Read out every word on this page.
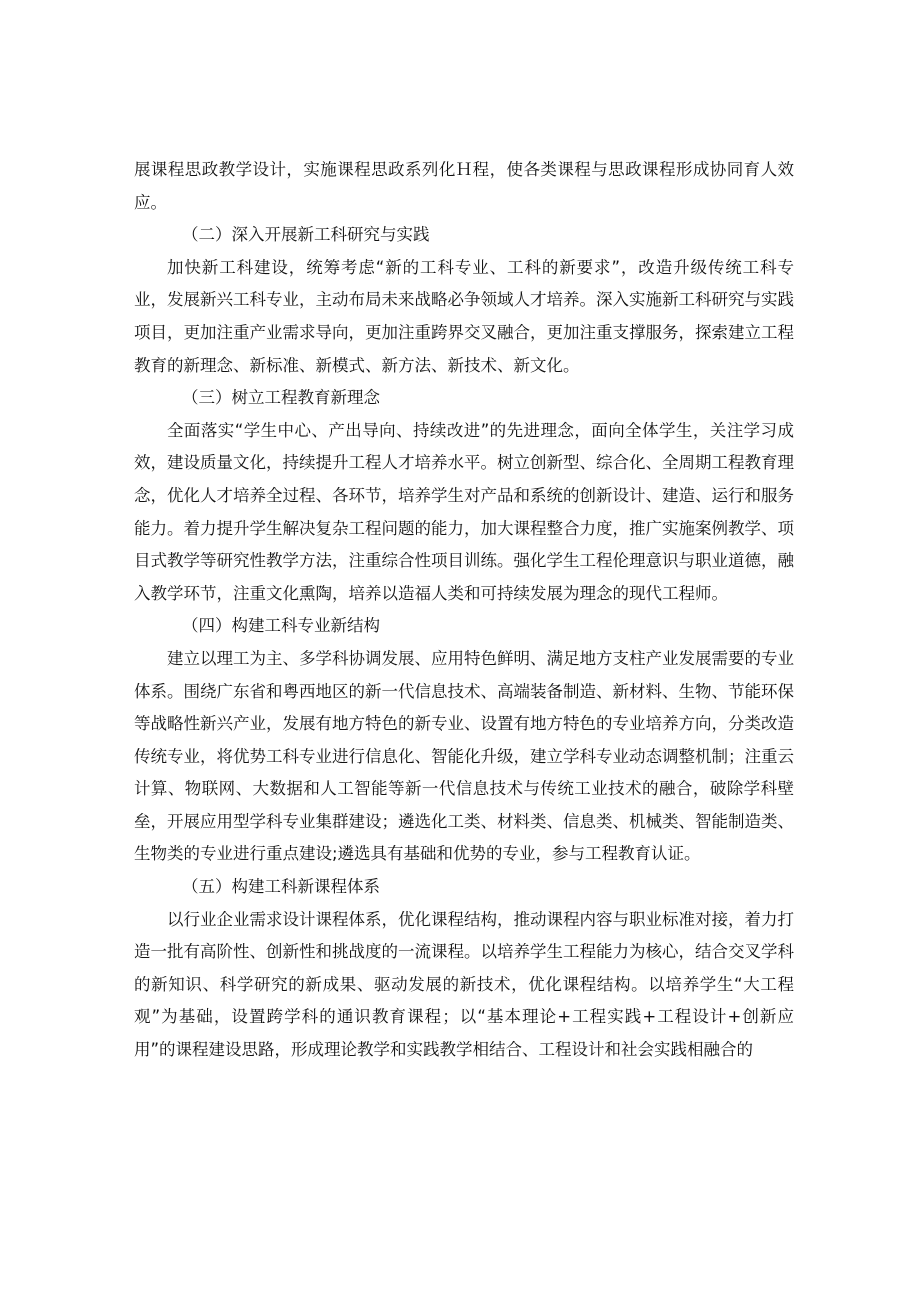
展课程思政教学设计，实施课程思政系列化Ｈ程，使各类课程与思政课程形成协同育人效应。

（二）深入开展新工科研究与实践

加快新工科建设，统筹考虑“新的工科专业、工科的新要求”，改造升级传统工科专业，发展新兴工科专业，主动布局未来战略必争领域人才培养。深入实施新工科研究与实践项目，更加注重产业需求导向，更加注重跨界交叉融合，更加注重支撑服务，探索建立工程教育的新理念、新标准、新模式、新方法、新技术、新文化。

（三）树立工程教育新理念

全面落实“学生中心、产出导向、持续改进”的先进理念，面向全体学生，关注学习成效，建设质量文化，持续提升工程人才培养水平。树立创新型、综合化、全周期工程教育理念，优化人才培养全过程、各环节，培养学生对产品和系统的创新设计、建造、运行和服务能力。着力提升学生解决复杂工程问题的能力，加大课程整合力度，推广实施案例教学、项目式教学等研究性教学方法，注重综合性项目训练。强化学生工程伦理意识与职业道德，融入教学环节，注重文化熏陶，培养以造福人类和可持续发展为理念的现代工程师。

（四）构建工科专业新结构

建立以理工为主、多学科协调发展、应用特色鲜明、满足地方支柱产业发展需要的专业体系。围绕广东省和粤西地区的新一代信息技术、高端装备制造、新材料、生物、节能环保等战略性新兴产业，发展有地方特色的新专业、设置有地方特色的专业培养方向，分类改造传统专业，将优势工科专业进行信息化、智能化升级，建立学科专业动态调整机制；注重云计算、物联网、大数据和人工智能等新一代信息技术与传统工业技术的融合，破除学科壁垒，开展应用型学科专业集群建设；遴选化工类、材料类、信息类、机械类、智能制造类、生物类的专业进行重点建设;遴选具有基础和优势的专业，参与工程教育认证。

（五）构建工科新课程体系

以行业企业需求设计课程体系，优化课程结构，推动课程内容与职业标准对接，着力打造一批有高阶性、创新性和挑战度的一流课程。以培养学生工程能力为核心，结合交叉学科的新知识、科学研究的新成果、驱动发展的新技术，优化课程结构。以培养学生“大工程观”为基础，设置跨学科的通识教育课程；以“基本理论+工程实践+工程设计+创新应用”的课程建设思路，形成理论教学和实践教学相结合、工程设计和社会实践相融合的
